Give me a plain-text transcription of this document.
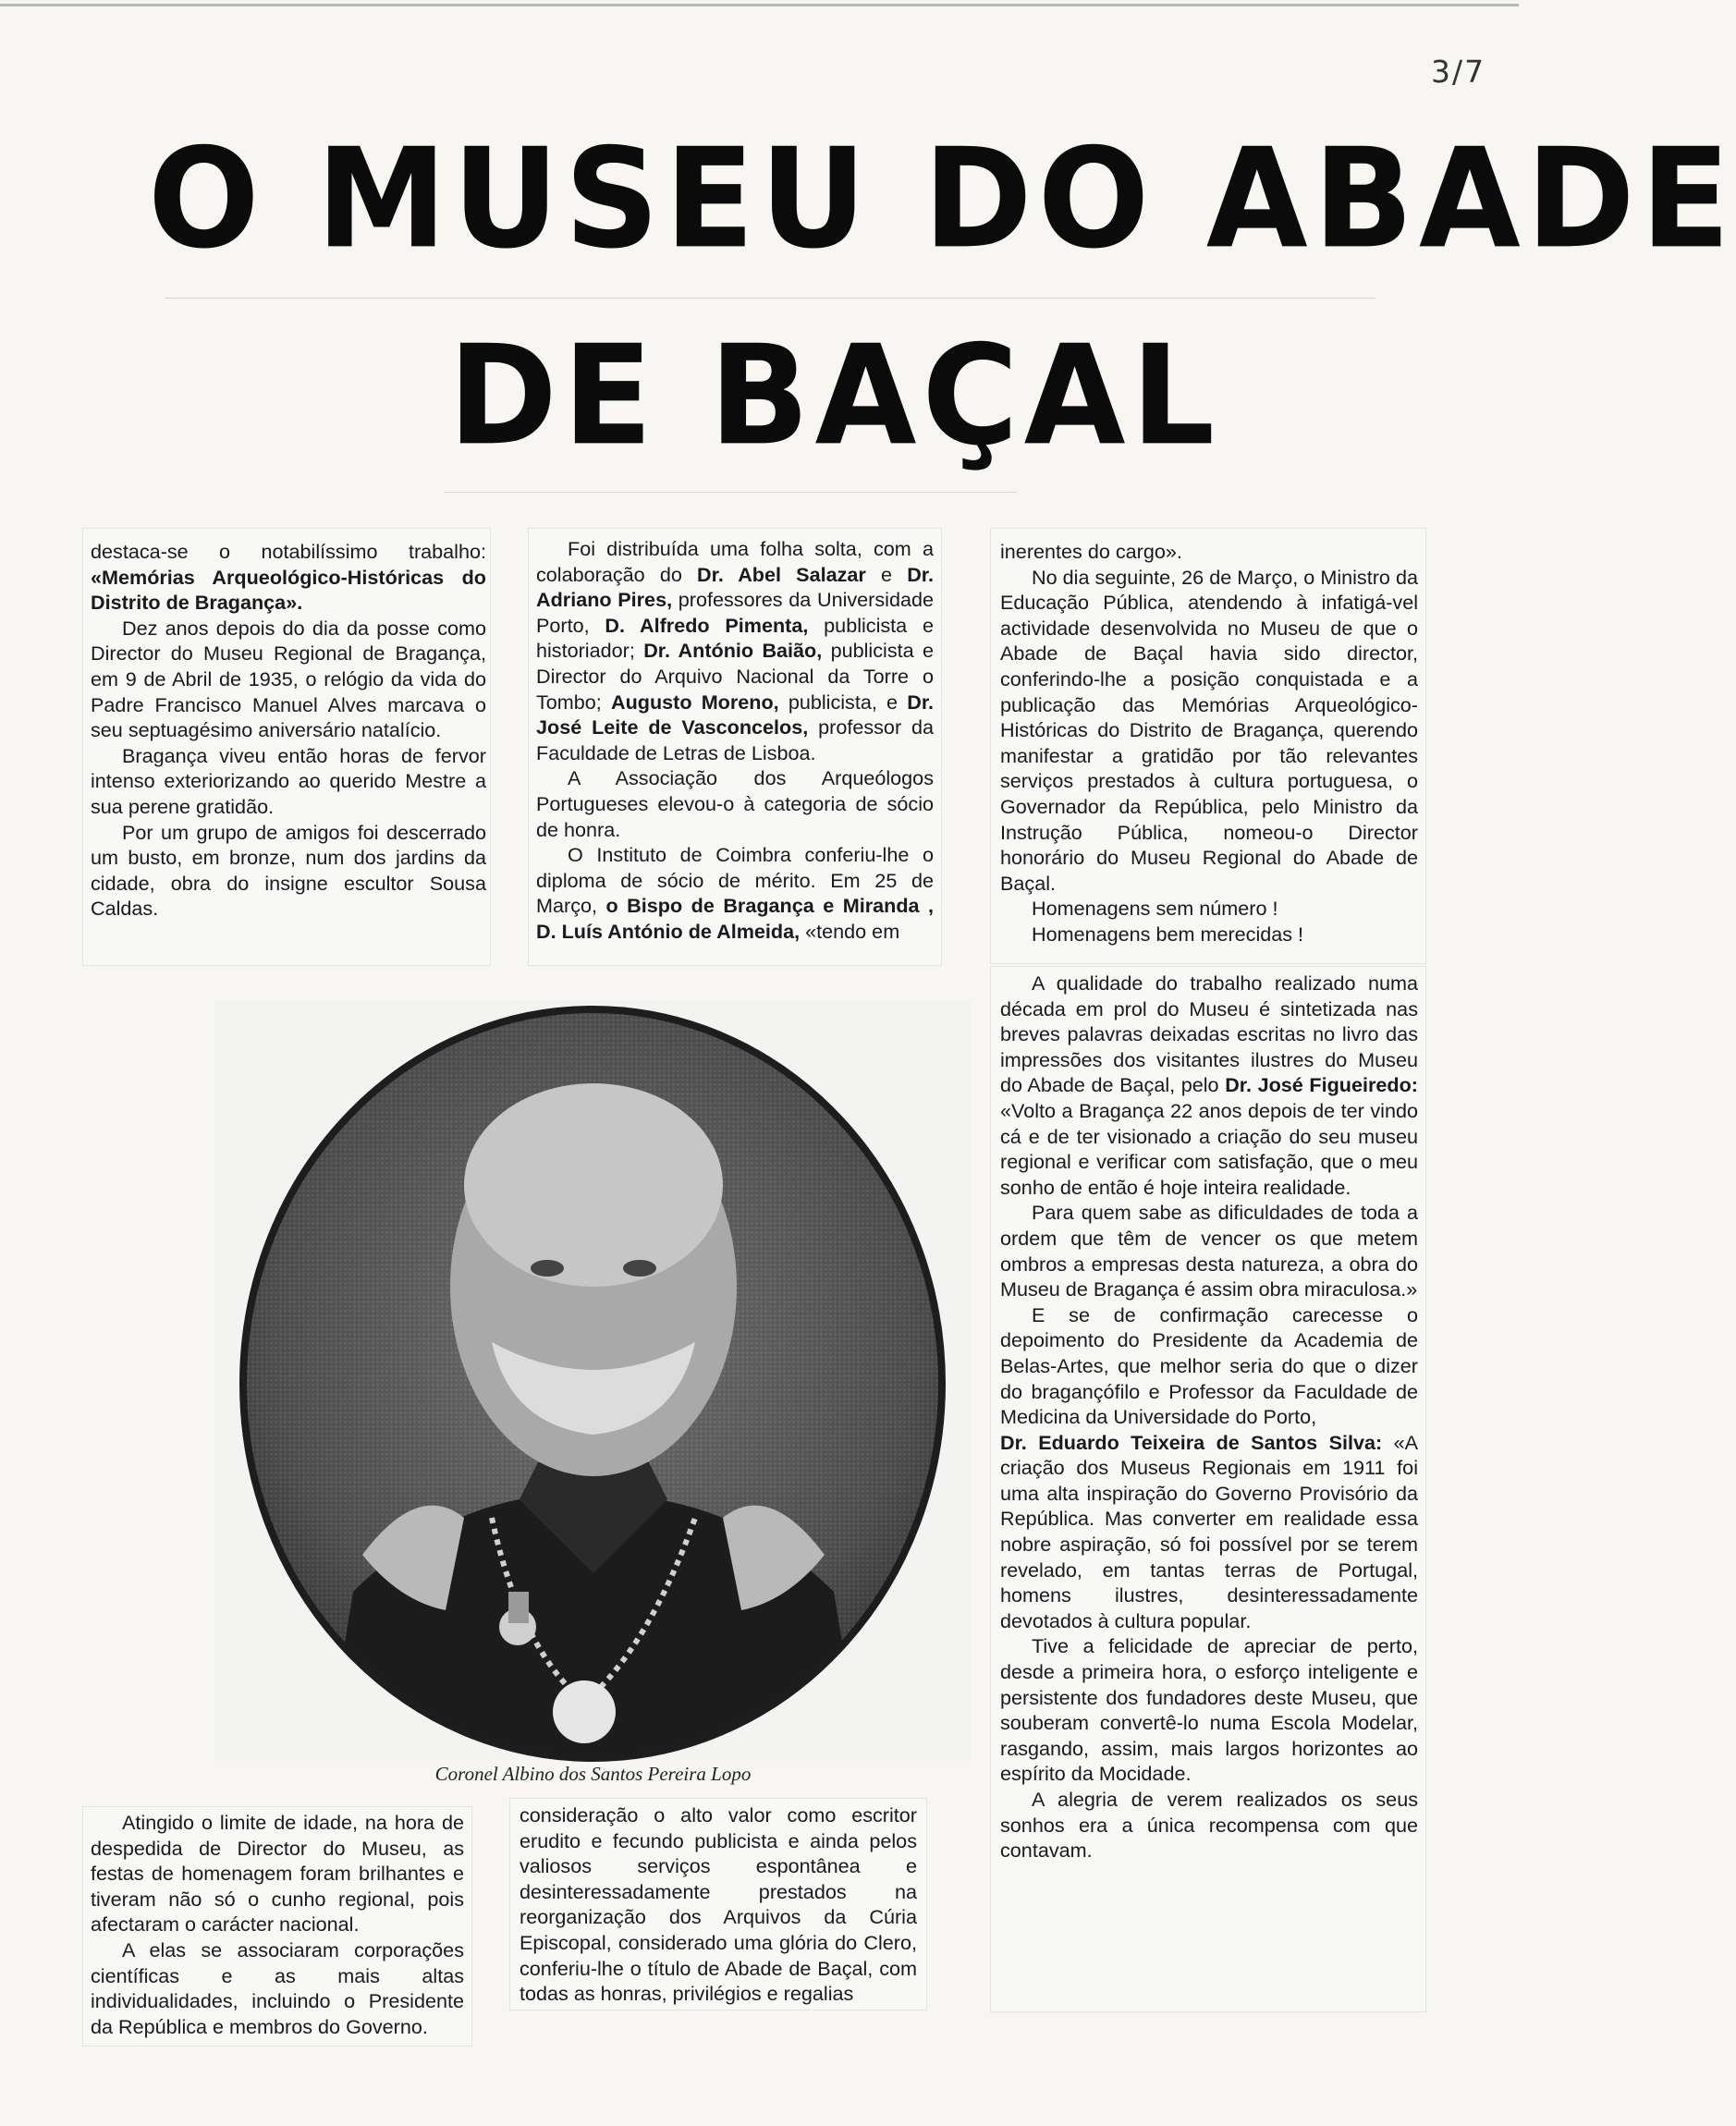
3/7
O MUSEU DO ABADE
DE BAÇAL

destaca-se o notabilíssimo trabalho: «Memórias Arqueológico-Históricas do Distrito de Bragança».

Dez anos depois do dia da posse como Director do Museu Regional de Bragança, em 9 de Abril de 1935, o relógio da vida do Padre Francisco Manuel Alves marcava o seu septuagésimo aniversário natalício.

Bragança viveu então horas de fervor intenso exteriorizando ao querido Mestre a sua perene gratidão.

Por um grupo de amigos foi descerrado um busto, em bronze, num dos jardins da cidade, obra do insigne escultor Sousa Caldas.

Foi distribuída uma folha solta, com a colaboração do Dr. Abel Salazar e Dr. Adriano Pires, professores da Universidade Porto, D. Alfredo Pimenta, publicista e historiador; Dr. António Baião, publicista e Director do Arquivo Nacional da Torre o Tombo; Augusto Moreno, publicista, e Dr. José Leite de Vasconcelos, professor da Faculdade de Letras de Lisboa.

A Associação dos Arqueólogos Portugueses elevou-o à categoria de sócio de honra.

O Instituto de Coimbra conferiu-lhe o diploma de sócio de mérito. Em 25 de Março, o Bispo de Bragança e Miranda , D. Luís António de Almeida, «tendo em

inerentes do cargo».

No dia seguinte, 26 de Março, o Ministro da Educação Pública, atendendo à infatigá-vel actividade desenvolvida no Museu de que o Abade de Baçal havia sido director, conferindo-lhe a posição conquistada e a publicação das Memórias Arqueológico- Históricas do Distrito de Bragança, querendo manifestar a gratidão por tão relevantes serviços prestados à cultura portuguesa, o Governador da República, pelo Ministro da Instrução Pública, nomeou-o Director honorário do Museu Regional do Abade de Baçal.

Homenagens sem número !

Homenagens bem merecidas !

A qualidade do trabalho realizado numa década em prol do Museu é sintetizada nas breves palavras deixadas escritas no livro das impressões dos visitantes ilustres do Museu do Abade de Baçal, pelo Dr. José Figueiredo: «Volto a Bragança 22 anos depois de ter vindo cá e de ter visionado a criação do seu museu regional e verificar com satisfação, que o meu sonho de então é hoje inteira realidade.

Para quem sabe as dificuldades de toda a ordem que têm de vencer os que metem ombros a empresas desta natureza, a obra do Museu de Bragança é assim obra miraculosa.»

E se de confirmação carecesse o depoimento do Presidente da Academia de Belas-Artes, que melhor seria do que o dizer do bragançófilo e Professor da Faculdade de Medicina da Universidade do Porto,

Dr. Eduardo Teixeira de Santos Silva: «A criação dos Museus Regionais em 1911 foi uma alta inspiração do Governo Provisório da República. Mas converter em realidade essa nobre aspiração, só foi possível por se terem revelado, em tantas terras de Portugal, homens ilustres, desinteressadamente devotados à cultura popular.

Tive a felicidade de apreciar de perto, desde a primeira hora, o esforço inteligente e persistente dos fundadores deste Museu, que souberam convertê-lo numa Escola Modelar, rasgando, assim, mais largos horizontes ao espírito da Mocidade.

A alegria de verem realizados os seus sonhos era a única recompensa com que contavam.

Coronel Albino dos Santos Pereira Lopo

Atingido o limite de idade, na hora de despedida de Director do Museu, as festas de homenagem foram brilhantes e tiveram não só o cunho regional, pois afectaram o carácter nacional.

A elas se associaram corporações científicas e as mais altas individualidades, incluindo o Presidente da República e membros do Governo.

consideração o alto valor como escritor erudito e fecundo publicista e ainda pelos valiosos serviços espontânea e desinteressadamente prestados na reorganização dos Arquivos da Cúria Episcopal, considerado uma glória do Clero, conferiu-lhe o título de Abade de Baçal, com todas as honras, privilégios e regalias
